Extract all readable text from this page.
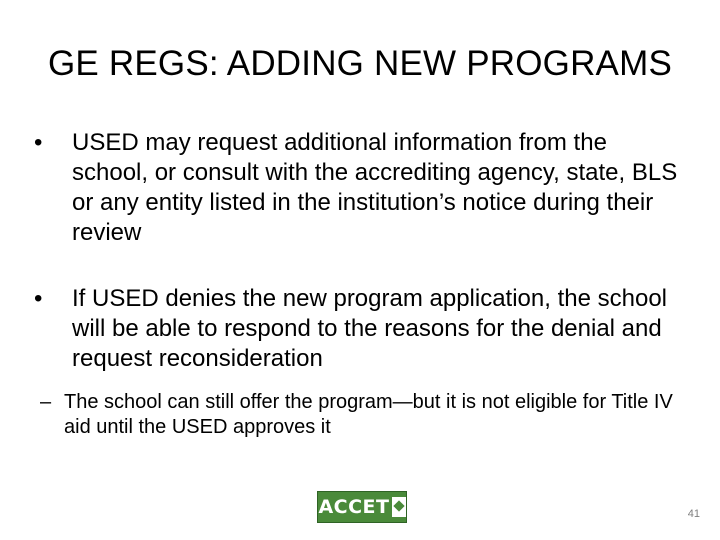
GE REGS: ADDING NEW PROGRAMS
• USED may request additional information from the school, or consult with the accrediting agency, state, BLS or any entity listed in the institution’s notice during their review
• If USED denies the new program application, the school will be able to respond to the reasons for the denial and request reconsideration
– The school can still offer the program—but it is not eligible for Title IV aid until the USED approves it
ACCET	41
